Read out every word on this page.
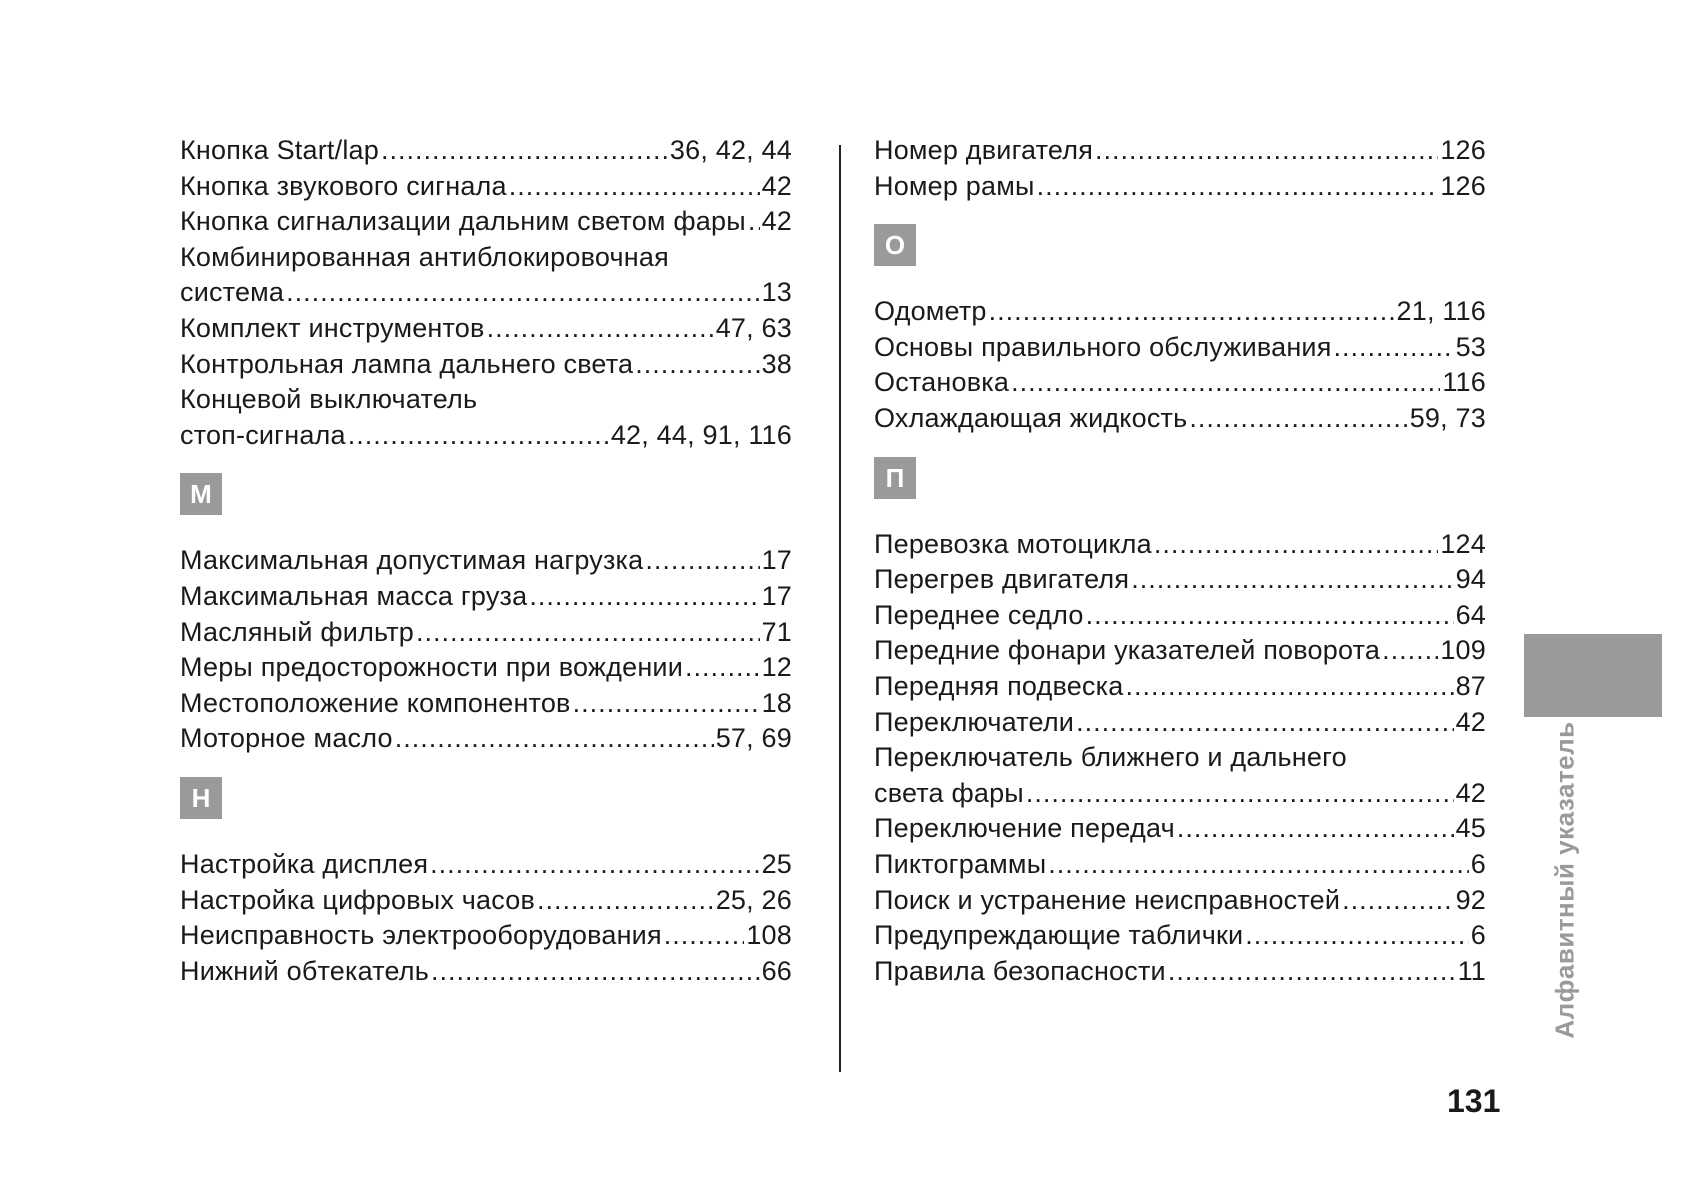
Кнопка Start/lap .....	36, 42, 44
Кнопка звукового сигнала .....	42
Кнопка сигнализации дальним светом фары ..... 42
Комбинированная антиблокировочная
система .....	13
Комплект инструментов .....	47, 63
Контрольная лампа дальнего света .....	38
Концевой выключатель
стоп-сигнала .....	42, 44, 91, 116
М
Максимальная допустимая нагрузка .....	17
Максимальная масса груза .....	17
Масляный фильтр .....	71
Меры предосторожности при вождении .....	12
Местоположение компонентов .....	18
Моторное масло .....	57, 69
Н
Настройка дисплея .....	25
Настройка цифровых часов .....	25, 26
Неисправность электрооборудования .....	108
Нижний обтекатель .....	66
Номер двигателя .....	126
Номер рамы .....	126
О
Одометр .....	21, 116
Основы правильного обслуживания .....	53
Остановка .....	116
Охлаждающая жидкость .....	59, 73
П
Перевозка мотоцикла .....	124
Перегрев двигателя .....	94
Переднее седло .....	64
Передние фонари указателей поворота ..... 109
Передняя подвеска .....	87
Переключатели .....	42
Переключатель ближнего и дальнего
света фары .....	42
Переключение передач .....	45
Пиктограммы .....	6
Поиск и устранение неисправностей .....	92
Предупреждающие таблички .....	6
Правила безопасности .....	11 Алфавитный указатель
131
